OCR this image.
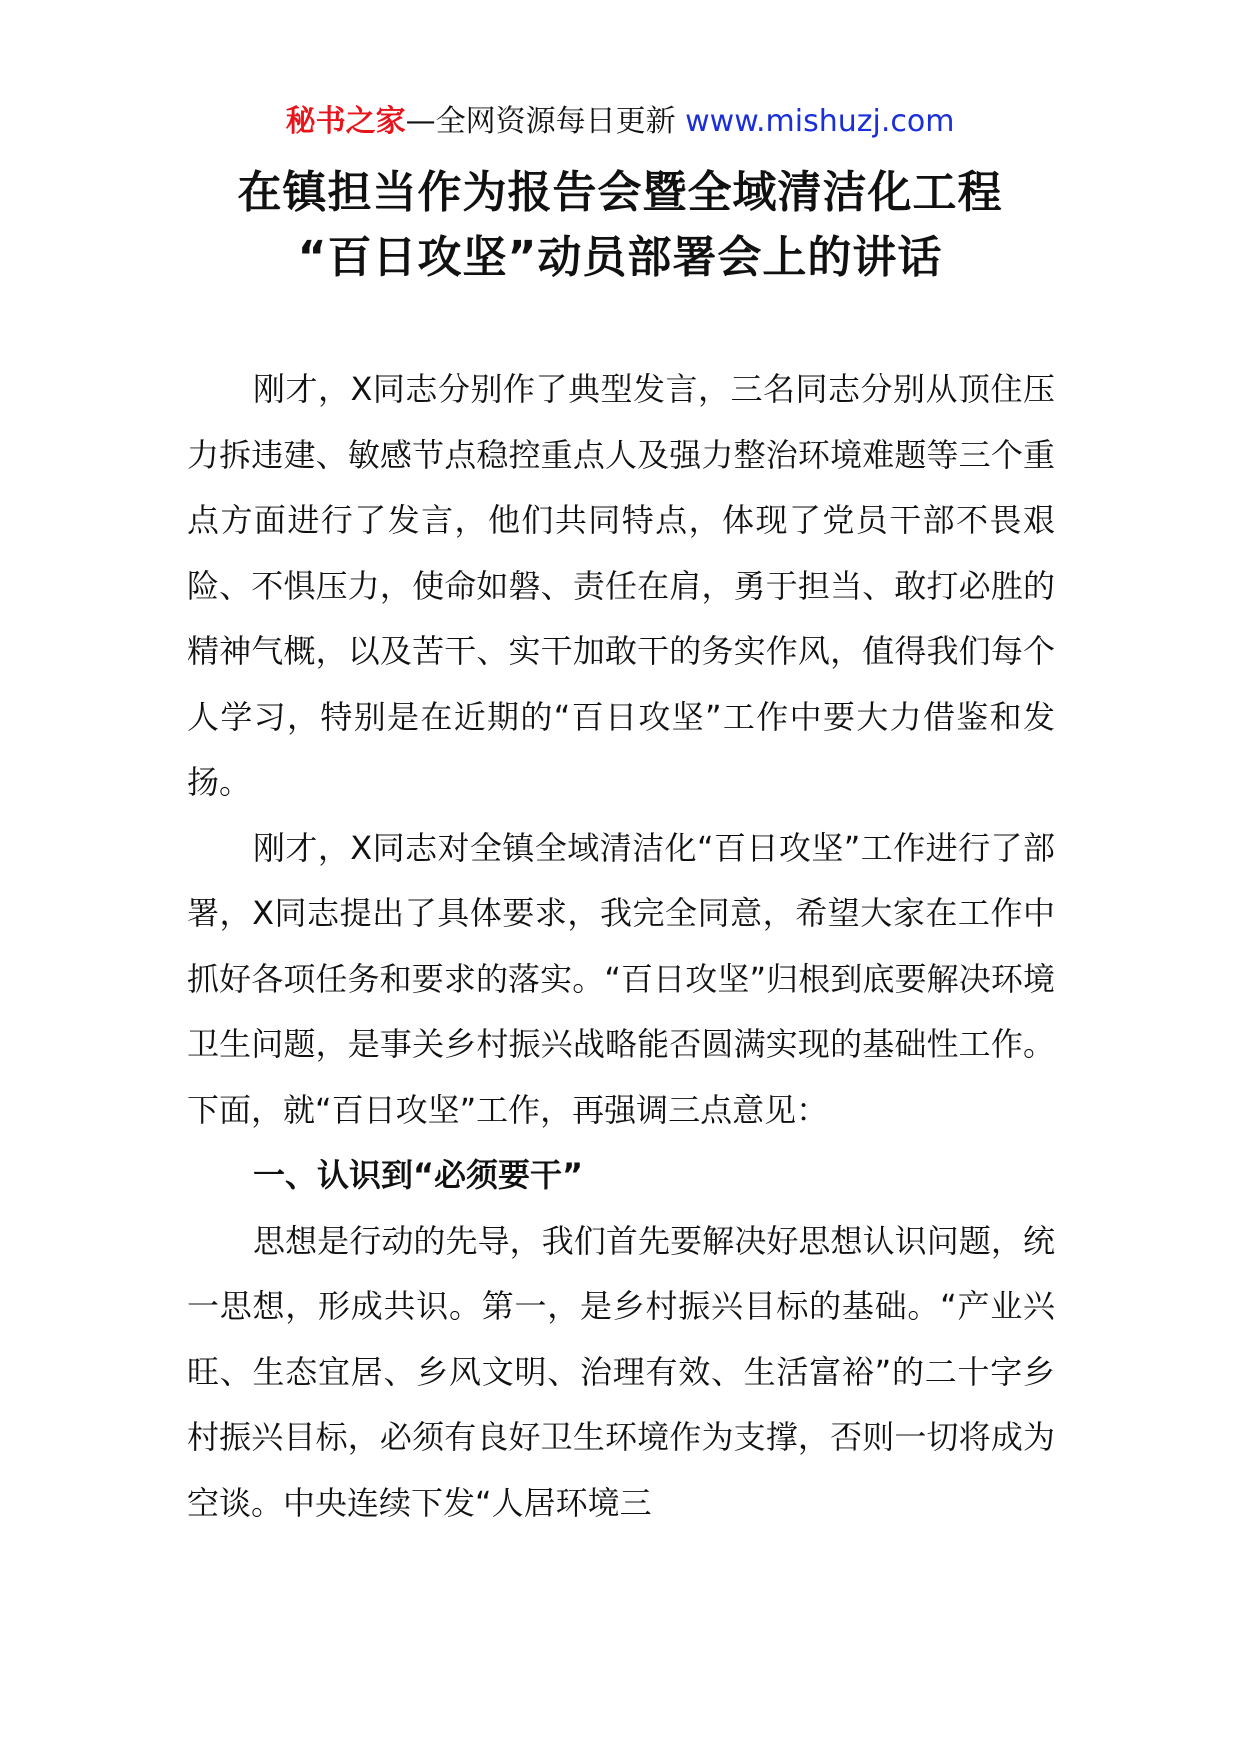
秘书之家—全网资源每日更新 www.mishuzj.com
在镇担当作为报告会暨全域清洁化工程
“百日攻坚”动员部署会上的讲话

刚才，X同志分别作了典型发言，三名同志分别从顶住压力拆违建、敏感节点稳控重点人及强力整治环境难题等三个重点方面进行了发言，他们共同特点，体现了党员干部不畏艰险、不惧压力，使命如磐、责任在肩，勇于担当、敢打必胜的精神气概，以及苦干、实干加敢干的务实作风，值得我们每个人学习，特别是在近期的“百日攻坚”工作中要大力借鉴和发扬。

刚才，X同志对全镇全域清洁化“百日攻坚”工作进行了部署，X同志提出了具体要求，我完全同意，希望大家在工作中抓好各项任务和要求的落实。“百日攻坚”归根到底要解决环境卫生问题，是事关乡村振兴战略能否圆满实现的基础性工作。下面，就“百日攻坚”工作，再强调三点意见：

一、认识到“必须要干”

思想是行动的先导，我们首先要解决好思想认识问题，统一思想，形成共识。第一，是乡村振兴目标的基础。“产业兴旺、生态宜居、乡风文明、治理有效、生活富裕”的二十字乡村振兴目标，必须有良好卫生环境作为支撑，否则一切将成为空谈。中央连续下发“人居环境三
